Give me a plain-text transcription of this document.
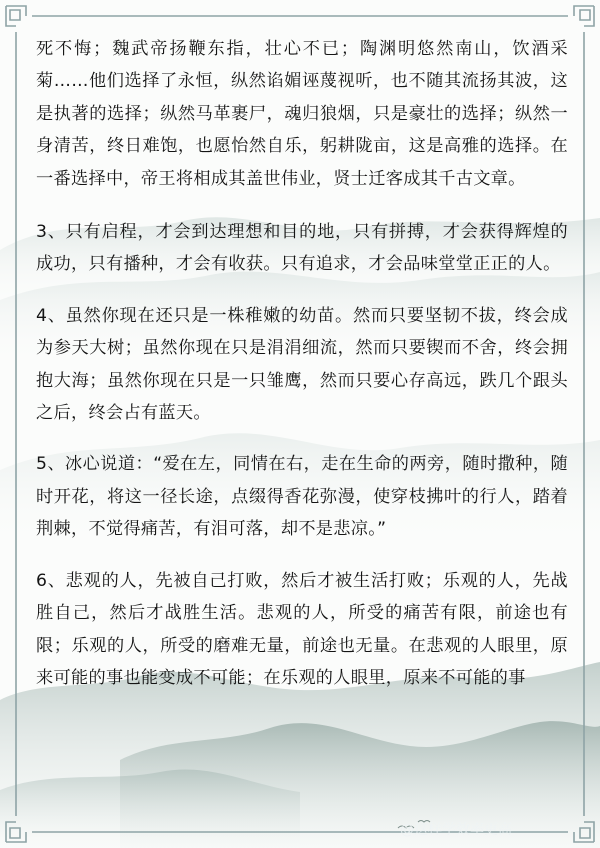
死不悔；魏武帝扬鞭东指，壮心不已；陶渊明悠然南山，饮酒采菊……他们选择了永恒，纵然谄媚诬蔑视听，也不随其流扬其波，这是执著的选择；纵然马革裹尸，魂归狼烟，只是豪壮的选择；纵然一身清苦，终日难饱，也愿怡然自乐，躬耕陇亩，这是高雅的选择。在一番选择中，帝王将相成其盖世伟业，贤士迁客成其千古文章。

3、只有启程，才会到达理想和目的地，只有拼搏，才会获得辉煌的成功，只有播种，才会有收获。只有追求，才会品味堂堂正正的人。

4、虽然你现在还只是一株稚嫩的幼苗。然而只要坚韧不拔，终会成为参天大树；虽然你现在只是涓涓细流，然而只要锲而不舍，终会拥抱大海；虽然你现在只是一只雏鹰，然而只要心存高远，跌几个跟头之后，终会占有蓝天。

5、冰心说道：“爱在左，同情在右，走在生命的两旁，随时撒种，随时开花，将这一径长途，点缀得香花弥漫，使穿枝拂叶的行人，踏着荆棘，不觉得痛苦，有泪可落，却不是悲凉。”

6、悲观的人，先被自己打败，然后才被生活打败；乐观的人，先战胜自己，然后才战胜生活。悲观的人，所受的痛苦有限，前途也有限；乐观的人，所受的磨难无量，前途也无量。在悲观的人眼里，原来可能的事也能变成不可能；在乐观的人眼里，原来不可能的事

@这样学效率更高
